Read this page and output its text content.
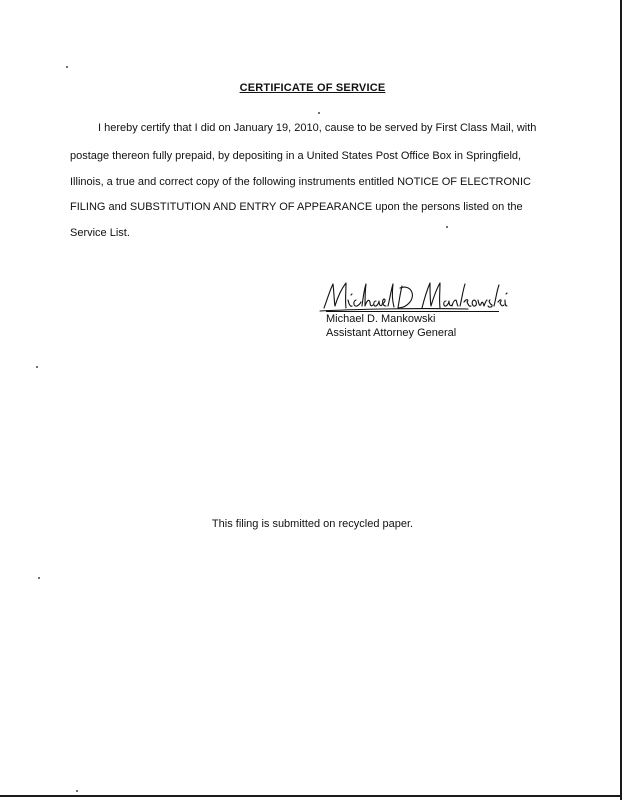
CERTIFICATE OF SERVICE
I hereby certify that I did on January 19, 2010, cause to be served by First Class Mail, with
postage thereon fully prepaid, by depositing in a United States Post Office Box in Springfield,
Illinois, a true and correct copy of the following instruments entitled NOTICE OF ELECTRONIC
FILING and SUBSTITUTION AND ENTRY OF APPEARANCE upon the persons listed on the
Service List.
Michael D. Mankowski
Assistant Attorney General
This filing is submitted on recycled paper.
